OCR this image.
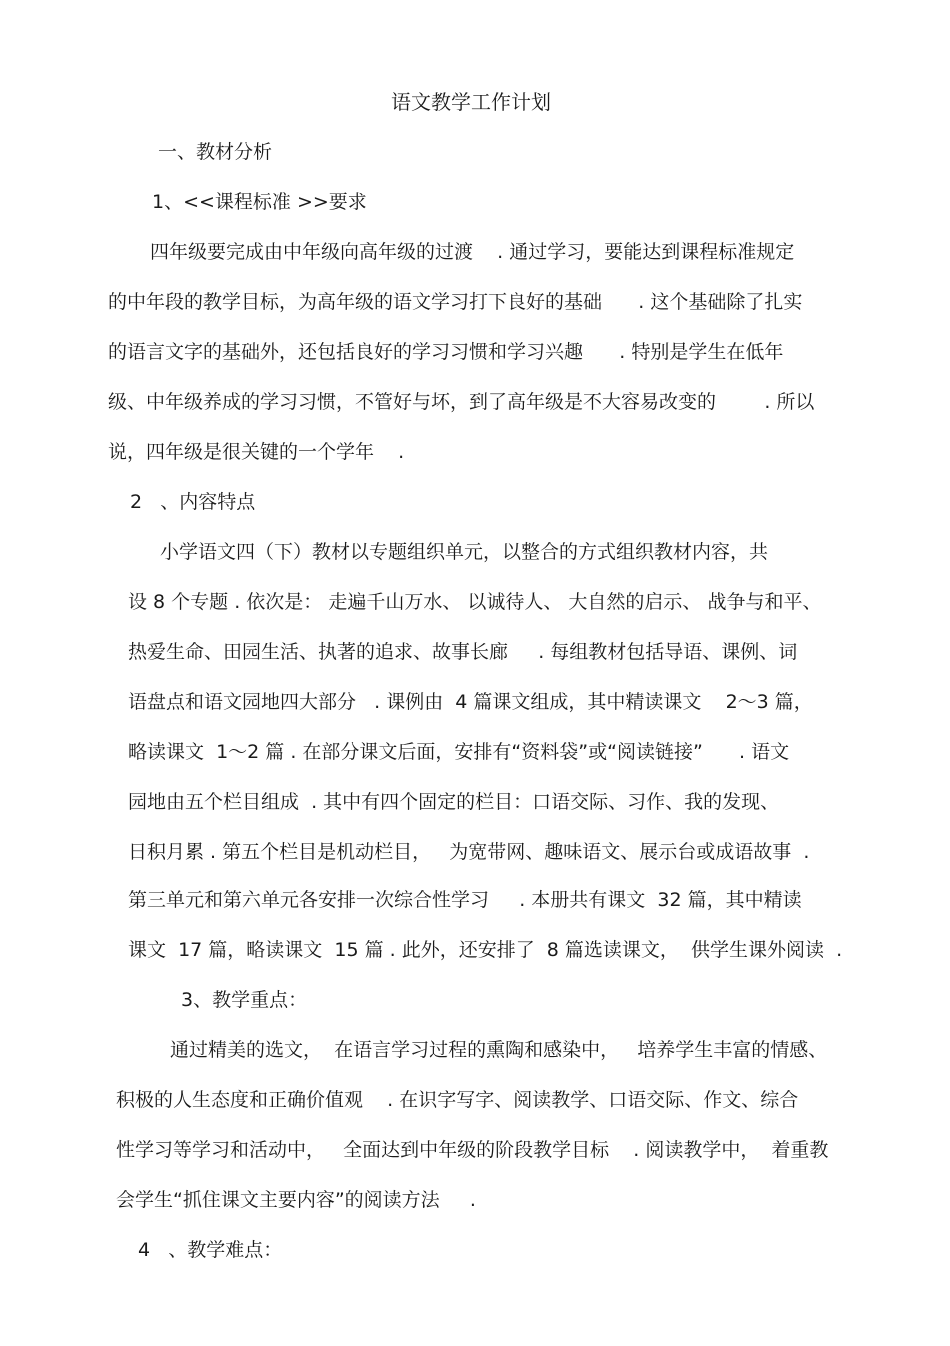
语文教学工作计划
一、教材分析
1、<<课程标准 >>要求
四年级要完成由中年级向高年级的过渡    . 通过学习，要能达到课程标准规定
的中年段的教学目标，为高年级的语文学习打下良好的基础      . 这个基础除了扎实
的语言文字的基础外，还包括良好的学习习惯和学习兴趣      . 特别是学生在低年
级、中年级养成的学习习惯，不管好与坏，到了高年级是不大容易改变的        . 所以
说，四年级是很关键的一个学年    .
2   、内容特点
小学语文四（下）教材以专题组织单元，以整合的方式组织教材内容，共
设 8 个专题 . 依次是： 走遍千山万水、 以诚待人、 大自然的启示、 战争与和平、
热爱生命、田园生活、执著的追求、故事长廊     . 每组教材包括导语、课例、词
语盘点和语文园地四大部分   . 课例由  4 篇课文组成，其中精读课文    2～3 篇，
略读课文  1～2 篇 . 在部分课文后面，安排有“资料袋”或“阅读链接”      . 语文
园地由五个栏目组成  . 其中有四个固定的栏目：口语交际、习作、我的发现、
日积月累 . 第五个栏目是机动栏目，   为宽带网、趣味语文、展示台或成语故事  .
第三单元和第六单元各安排一次综合性学习     . 本册共有课文  32 篇，其中精读
课文  17 篇，略读课文  15 篇 . 此外，还安排了  8 篇选读课文，  供学生课外阅读  .
3、教学重点：
通过精美的选文，  在语言学习过程的熏陶和感染中，   培养学生丰富的情感、
积极的人生态度和正确价值观    . 在识字写字、阅读教学、口语交际、作文、综合
性学习等学习和活动中，   全面达到中年级的阶段教学目标    . 阅读教学中，  着重教
会学生“抓住课文主要内容”的阅读方法     .
4   、教学难点：
